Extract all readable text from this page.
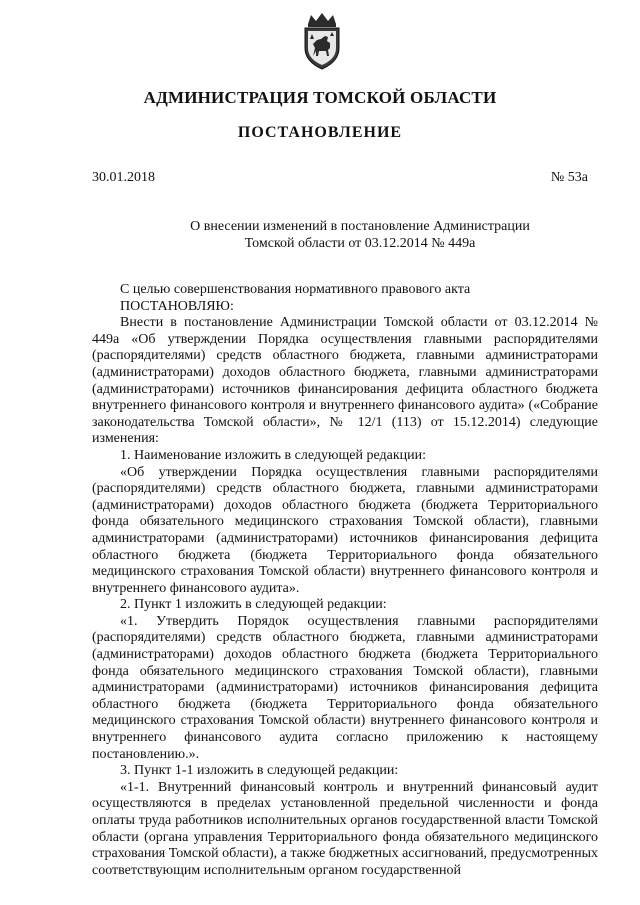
АДМИНИСТРАЦИЯ ТОМСКОЙ ОБЛАСТИ
ПОСТАНОВЛЕНИЕ
30.01.2018	№ 53а
О внесении изменений в постановление Администрации
Томской области от 03.12.2014 № 449а

С целью совершенствования нормативного правового акта

ПОСТАНОВЛЯЮ:

Внести в постановление Администрации Томской области от 03.12.2014 № 449а «Об утверждении Порядка осуществления главными распорядителями (распорядителями) средств областного бюджета, главными администраторами (администраторами) доходов областного бюджета, главными администраторами (администраторами) источников финансирования дефицита областного бюджета внутреннего финансового контроля и внутреннего финансового аудита» («Собрание законодательства Томской области», № 12/1 (113) от 15.12.2014) следующие изменения:

1. Наименование изложить в следующей редакции:

«Об утверждении Порядка осуществления главными распорядителями (распорядителями) средств областного бюджета, главными администраторами (администраторами) доходов областного бюджета (бюджета Территориального фонда обязательного медицинского страхования Томской области), главными администраторами (администраторами) источников финансирования дефицита областного бюджета (бюджета Территориального фонда обязательного медицинского страхования Томской области) внутреннего финансового контроля и внутреннего финансового аудита».

2. Пункт 1 изложить в следующей редакции:

«1. Утвердить Порядок осуществления главными распорядителями (распорядителями) средств областного бюджета, главными администраторами (администраторами) доходов областного бюджета (бюджета Территориального фонда обязательного медицинского страхования Томской области), главными администраторами (администраторами) источников финансирования дефицита областного бюджета (бюджета Территориального фонда обязательного медицинского страхования Томской области) внутреннего финансового контроля и внутреннего финансового аудита согласно приложению к настоящему постановлению.».

3. Пункт 1-1 изложить в следующей редакции:

«1-1. Внутренний финансовый контроль и внутренний финансовый аудит осуществляются в пределах установленной предельной численности и фонда оплаты труда работников исполнительных органов государственной власти Томской области (органа управления Территориального фонда обязательного медицинского страхования Томской области), а также бюджетных ассигнований, предусмотренных соответствующим исполнительным органом государственной
